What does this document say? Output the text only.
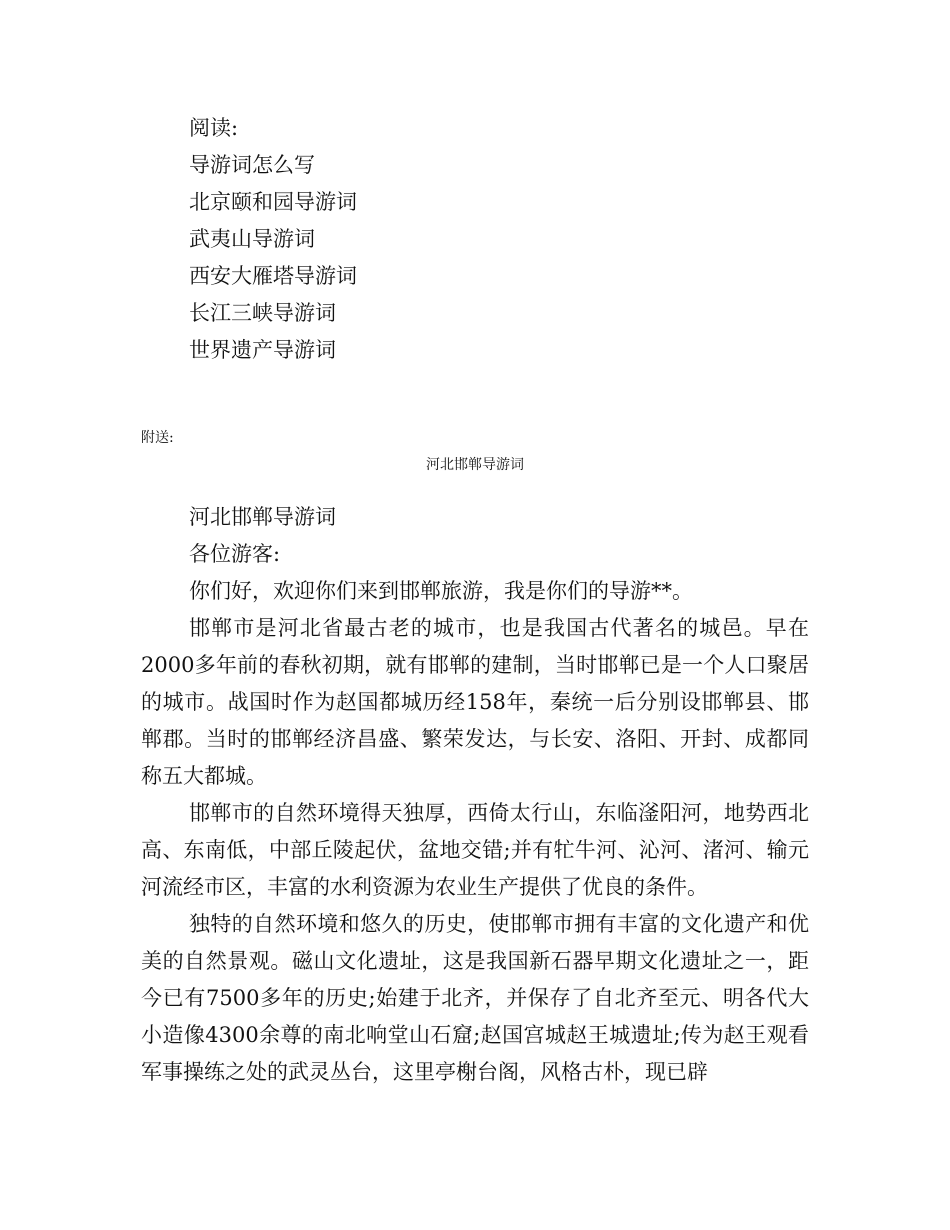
阅读:
导游词怎么写
北京颐和园导游词
武夷山导游词
西安大雁塔导游词
长江三峡导游词
世界遗产导游词
附送:
河北邯郸导游词

河北邯郸导游词

各位游客:

你们好，欢迎你们来到邯郸旅游，我是你们的导游**。

邯郸市是河北省最古老的城市，也是我国古代著名的城邑。早在2000多年前的春秋初期，就有邯郸的建制，当时邯郸已是一个人口聚居的城市。战国时作为赵国都城历经158年，秦统一后分别设邯郸县、邯郸郡。当时的邯郸经济昌盛、繁荣发达，与长安、洛阳、开封、成都同称五大都城。

邯郸市的自然环境得天独厚，西倚太行山，东临滏阳河，地势西北高、东南低，中部丘陵起伏，盆地交错;并有牤牛河、沁河、渚河、输元河流经市区，丰富的水利资源为农业生产提供了优良的条件。

独特的自然环境和悠久的历史，使邯郸市拥有丰富的文化遗产和优美的自然景观。磁山文化遗址，这是我国新石器早期文化遗址之一，距今已有7500多年的历史;始建于北齐，并保存了自北齐至元、明各代大小造像4300余尊的南北响堂山石窟;赵国宫城赵王城遗址;传为赵王观看军事操练之处的武灵丛台，这里亭榭台阁，风格古朴，现已辟
